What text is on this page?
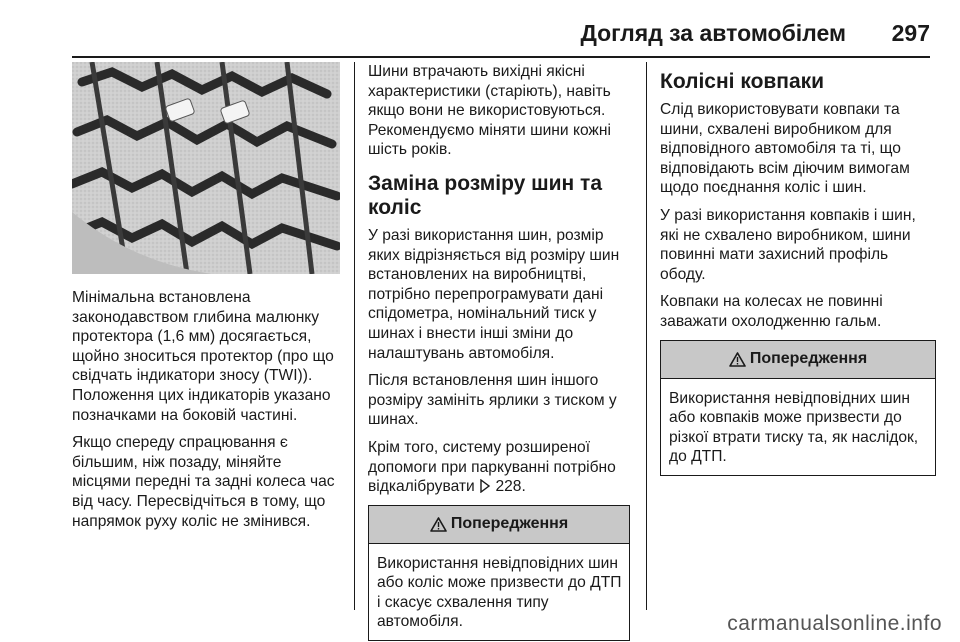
Догляд за автомобілем 297

Мінімальна встановлена законодавством глибина малюнку протектора (1,6 мм) досягається, щойно зноситься протектор (про що свідчать індикатори зносу (TWI)). Положення цих індикаторів указано позначками на боковій частині.

Якщо спереду спрацювання є більшим, ніж позаду, міняйте місцями передні та задні колеса час від часу. Пересвідчіться в тому, що напрямок руху коліс не змінився.

Шини втрачають вихідні якісні характеристики (старіють), навіть якщо вони не використовуються. Рекомендуємо міняти шини кожні шість років.

Заміна розміру шин та коліс

У разі використання шин, розмір яких відрізняється від розміру шин встановлених на виробництві, потрібно перепрограмувати дані спідометра, номінальний тиск у шинах і внести інші зміни до налаштувань автомобіля.

Після встановлення шин іншого розміру замініть ярлики з тиском у шинах.

Крім того, систему розширеної допомоги при паркуванні потрібно відкалібрувати 228.

Попередження
Використання невідповідних шин або коліс може призвести до ДТП і скасує схвалення типу автомобіля.
Колісні ковпаки

Слід використовувати ковпаки та шини, схвалені виробником для відповідного автомобіля та ті, що відповідають всім діючим вимогам щодо поєднання коліс і шин.

У разі використання ковпаків і шин, які не схвалено виробником, шини повинні мати захисний профіль ободу.

Ковпаки на колесах не повинні заважати охолодженню гальм.

Попередження
Використання невідповідних шин або ковпаків може призвести до різкої втрати тиску та, як наслідок, до ДТП.
carmanualsonline.info
